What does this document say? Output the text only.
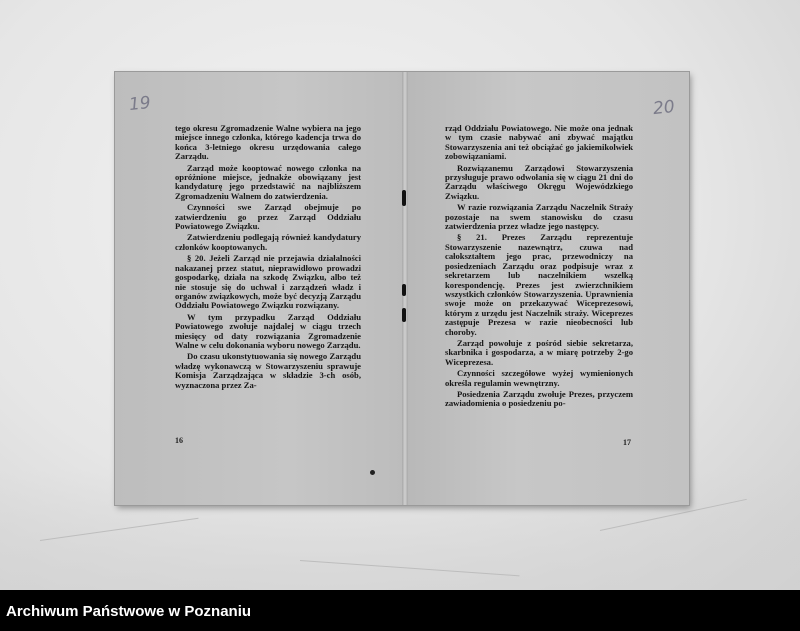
19

tego okresu Zgromadzenie Walne wybiera na jego miejsce innego członka, którego kadencja trwa do końca 3-letniego okresu urzędowania całego Zarządu.

Zarząd może kooptować nowego członka na opróżnione miejsce, jednakże obowiązany jest kandydaturę jego przedstawić na najbliższem Zgromadzeniu Walnem do zatwierdzenia.

Czynności swe Zarząd obejmuje po zatwierdzeniu go przez Zarząd Oddziału Powiatowego Związku.

Zatwierdzeniu podlegają również kandydatury członków kooptowanych.

§ 20. Jeżeli Zarząd nie przejawia działalności nakazanej przez statut, nieprawidłowo prowadzi gospodarkę, działa na szkodę Związku, albo też nie stosuje się do uchwał i zarządzeń władz i organów związkowych, może być decyzją Zarządu Oddziału Powiatowego Związku rozwiązany.

W tym przypadku Zarząd Oddziału Powiatowego zwołuje najdalej w ciągu trzech miesięcy od daty rozwiązania Zgromadzenie Walne w celu dokonania wyboru nowego Zarządu.

Do czasu ukonstytuowania się nowego Zarządu władzę wykonawczą w Stowarzyszeniu sprawuje Komisja Zarządzająca w składzie 3-ch osób, wyznaczona przez Za-

16
20

rząd Oddziału Powiatowego. Nie może ona jednak w tym czasie nabywać ani zbywać majątku Stowarzyszenia ani też obciążać go jakiemikolwiek zobowiązaniami.

Rozwiązanemu Zarządowi Stowarzyszenia przysługuje prawo odwołania się w ciągu 21 dni do Zarządu właściwego Okręgu Wojewódzkiego Związku.

W razie rozwiązania Zarządu Naczelnik Straży pozostaje na swem stanowisku do czasu zatwierdzenia przez władze jego następcy.

§ 21. Prezes Zarządu reprezentuje Stowarzyszenie nazewnątrz, czuwa nad całokształtem jego prac, przewodniczy na posiedzeniach Zarządu oraz podpisuje wraz z sekretarzem lub naczelnikiem wszelką korespondencję. Prezes jest zwierzchnikiem wszystkich członków Stowarzyszenia. Uprawnienia swoje może on przekazywać Wiceprezesowi, którym z urzędu jest Naczelnik straży. Wiceprezes zastępuje Prezesa w razie nieobecności lub choroby.

Zarząd powołuje z pośród siebie sekretarza, skarbnika i gospodarza, a w miarę potrzeby 2-go Wiceprezesa.

Czynności szczegółowe wyżej wymienionych określa regulamin wewnętrzny.

Posiedzenia Zarządu zwołuje Prezes, przyczem zawiadomienia o posiedzeniu po-

17
Archiwum Państwowe w Poznaniu
